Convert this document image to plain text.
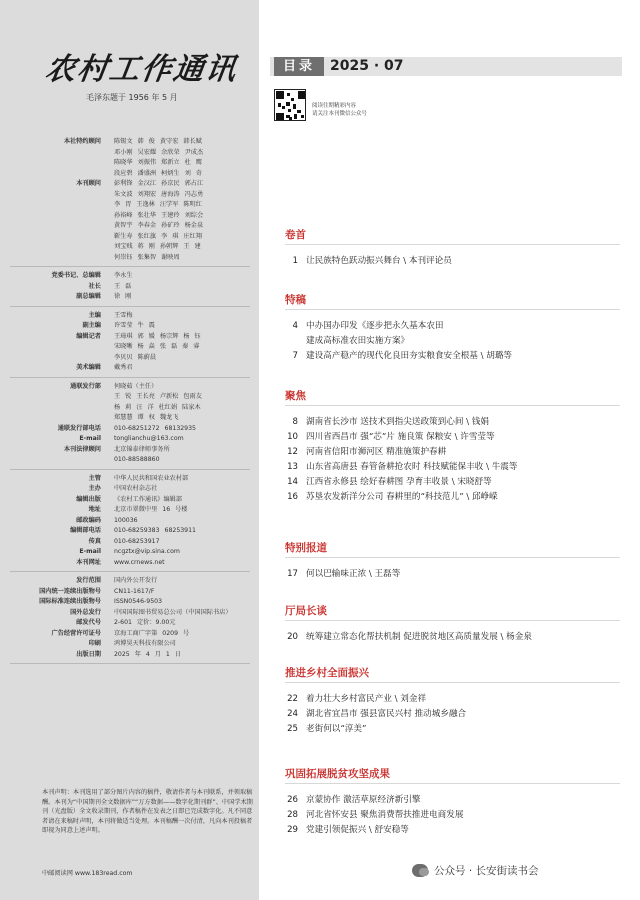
农村工作通讯
毛泽东题于 1956 年 5 月
本社特约顾问 陈锡文 韩 俊 黄守宏 韩长赋
邓小刚 吴宏耀 余欣荣 尹成杰
陈晓华 刘振伟 郑新立 杜 鹰
段应碧 潘盛洲 柯炳生 刘 奇
本刊顾问 彭利锋 金汉江 孙京民 郭占江
朱文波 刘翔宏 唐海涛 冯志勇
李 胃 王逸林 汪学军 陈明红
孙裕峰 张壮华 王建玲 刘综会
黄智宇 李春金 孙矿玲 杨金泉
靳生寿 张红旗 李 琪 庄红翔
刘宝贱 蒋 刚 孙朝辉 王 建
何崇钰 张集智 谢映周
党委书记、总编辑 李永生
社长 王 磊
副总编辑 徐 刚
主编 王雪梅
副主编 许雪莹 牛 震
编辑记者 王琦琪 郭 媛 杨宗辉 杨 钰
宋晓晰 杨 焱 张 磊 秦 睿
李贝贝 陈蔚晨
美术编辑 戴秀君
通联发行部 何晓茹（主任）
王 锐 王长亮 卢新松 包雨友
杨 莉 汪 洋 杜红娟 陆家木
郑慧慧 谭 权 魏龙飞
通联发行部电话 010-68251272 68132935
E-mail tonglianchu@163.com
本刊法律顾问 北京锦泰律师事务所
010-88588860
主管 中华人民共和国农业农村部
主办 中国农村杂志社
编辑出版 《农村工作通讯》编辑部
地址 北京市翠微中里 16 号楼
邮政编码 100036
编辑部电话 010-68259383 68253911
传真 010-68253917
E-mail ncgztx@vip.sina.com
本刊网址 www.crnews.net
发行范围 国内外公开发行
国内统一连续出版物号 CN11-1617/F
国际标准连续出版物号 ISSN0546-9503
国外总发行 中国国际图书贸易总公司（中国国际书店）
邮发代号 2-601 定价：9.00元
广告经营许可证号 京海工商广字第 0209 号
印刷 鸿博昊天科技有限公司
出版日期 2025 年 4 月 1 日
本刊声明：本刊选用了部分图片内容的稿件，敬请作者与本刊联系，并领取稿酬。本刊为“中国期刊全文数据库”“万方数据——数字化期刊群”、中国学术期刊（光盘版）全文收录期刊，作者稿件在发表之日即已完成数字化。凡不同意者请在来稿时声明，本刊将做适当处理。本刊稿酬一次付清，凡向本刊投稿者即视为同意上述声明。
中邮阅读网 www.183read.com
目录	2025 · 07
阅读往期精彩内容
请关注本刊微信公众号
卷首
1 让民族特色跃动振兴舞台 \ 本刊评论员
特稿
4 中办国办印发《逐步把永久基本农田
建成高标准农田实施方案》
7 建设高产稳产的现代化良田夯实粮食安全根基 \ 胡璐等
聚焦
8 湖南省长沙市 送技术到指尖送政策到心间 \ 钱娟
10 四川省西昌市 强“芯”片 施良策 保粮安 \ 许雪莹等
12 河南省信阳市浉河区 精准施策护春耕
13 山东省高唐县 春管备耕抢农时 科技赋能保丰收 \ 牛震等
14 江西省永修县 绘好春耕图 孕育丰收景 \ 宋晓舒等
16 苏垦农发新洋分公司 春耕里的“科技范儿” \ 邱峥嵘
特别报道
17 何以巴输味正浓 \ 王磊等
厅局长谈
20 统筹建立常态化帮扶机制 促进脱贫地区高质量发展 \ 杨金泉
推进乡村全面振兴
22 着力壮大乡村富民产业 \ 刘金祥
24 湖北省宜昌市 强县富民兴村 推动城乡融合
25 老街何以“淳美”
巩固拓展脱贫攻坚成果
26 京蒙协作 激活草原经济新引擎
28 河北省怀安县 聚焦消费帮扶推进电商发展
29 党建引领促振兴 \ 舒安稳等
公众号 · 长安街读书会
